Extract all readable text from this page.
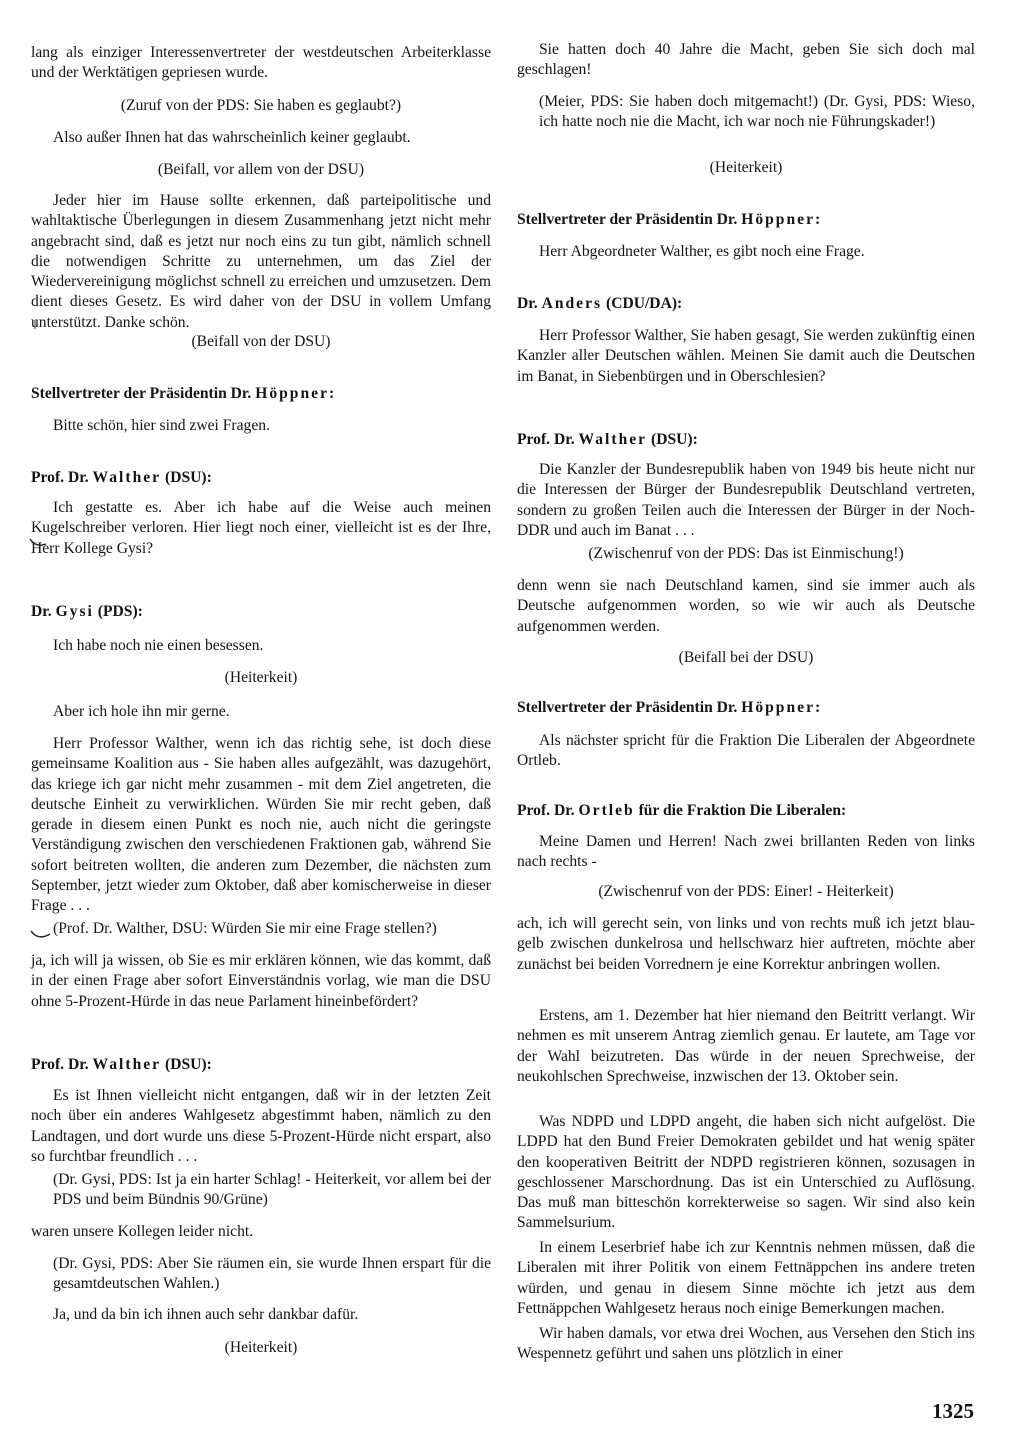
lang als einziger Interessenvertreter der westdeutschen Arbeiterklasse und der Werktätigen gepriesen wurde.

(Zuruf von der PDS: Sie haben es geglaubt?)

Also außer Ihnen hat das wahrscheinlich keiner geglaubt.

(Beifall, vor allem von der DSU)

Jeder hier im Hause sollte erkennen, daß parteipolitische und wahltaktische Überlegungen in diesem Zusammenhang jetzt nicht mehr angebracht sind, daß es jetzt nur noch eins zu tun gibt, nämlich schnell die notwendigen Schritte zu unternehmen, um das Ziel der Wiedervereinigung möglichst schnell zu erreichen und umzusetzen. Dem dient dieses Gesetz. Es wird daher von der DSU in vollem Umfang unterstützt. Danke schön.

(Beifall von der DSU)

Stellvertreter der Präsidentin Dr. Höppner:

Bitte schön, hier sind zwei Fragen.

Prof. Dr. Walther (DSU):

Ich gestatte es. Aber ich habe auf die Weise auch meinen Kugelschreiber verloren. Hier liegt noch einer, vielleicht ist es der Ihre, Herr Kollege Gysi?

Dr. Gysi (PDS):

Ich habe noch nie einen besessen.

(Heiterkeit)

Aber ich hole ihn mir gerne.

Herr Professor Walther, wenn ich das richtig sehe, ist doch diese gemeinsame Koalition aus - Sie haben alles aufgezählt, was dazugehört, das kriege ich gar nicht mehr zusammen - mit dem Ziel angetreten, die deutsche Einheit zu verwirklichen. Würden Sie mir recht geben, daß gerade in diesem einen Punkt es noch nie, auch nicht die geringste Verständigung zwischen den verschiedenen Fraktionen gab, während Sie sofort beitreten wollten, die anderen zum Dezember, die nächsten zum September, jetzt wieder zum Oktober, daß aber komischerweise in dieser Frage . . .

(Prof. Dr. Walther, DSU: Würden Sie mir eine Frage stellen?)

ja, ich will ja wissen, ob Sie es mir erklären können, wie das kommt, daß in der einen Frage aber sofort Einverständnis vorlag, wie man die DSU ohne 5-Prozent-Hürde in das neue Parlament hineinbefördert?

Prof. Dr. Walther (DSU):

Es ist Ihnen vielleicht nicht entgangen, daß wir in der letzten Zeit noch über ein anderes Wahlgesetz abgestimmt haben, nämlich zu den Landtagen, und dort wurde uns diese 5-Prozent-Hürde nicht erspart, also so furchtbar freundlich . . .

(Dr. Gysi, PDS: Ist ja ein harter Schlag! - Heiterkeit, vor allem bei der PDS und beim Bündnis 90/Grüne)

waren unsere Kollegen leider nicht.

(Dr. Gysi, PDS: Aber Sie räumen ein, sie wurde Ihnen erspart für die gesamtdeutschen Wahlen.)

Ja, und da bin ich ihnen auch sehr dankbar dafür.

(Heiterkeit)

Sie hatten doch 40 Jahre die Macht, geben Sie sich doch mal geschlagen!

(Meier, PDS: Sie haben doch mitgemacht!) (Dr. Gysi, PDS: Wieso, ich hatte noch nie die Macht, ich war noch nie Führungskader!)

(Heiterkeit)

Stellvertreter der Präsidentin Dr. Höppner:

Herr Abgeordneter Walther, es gibt noch eine Frage.

Dr. Anders (CDU/DA):

Herr Professor Walther, Sie haben gesagt, Sie werden zukünftig einen Kanzler aller Deutschen wählen. Meinen Sie damit auch die Deutschen im Banat, in Siebenbürgen und in Oberschlesien?

Prof. Dr. Walther (DSU):

Die Kanzler der Bundesrepublik haben von 1949 bis heute nicht nur die Interessen der Bürger der Bundesrepublik Deutschland vertreten, sondern zu großen Teilen auch die Interessen der Bürger in der Noch-DDR und auch im Banat . . .

(Zwischenruf von der PDS: Das ist Einmischung!)

denn wenn sie nach Deutschland kamen, sind sie immer auch als Deutsche aufgenommen worden, so wie wir auch als Deutsche aufgenommen werden.

(Beifall bei der DSU)

Stellvertreter der Präsidentin Dr. Höppner:

Als nächster spricht für die Fraktion Die Liberalen der Abgeordnete Ortleb.

Prof. Dr. Ortleb für die Fraktion Die Liberalen:

Meine Damen und Herren! Nach zwei brillanten Reden von links nach rechts -

(Zwischenruf von der PDS: Einer! - Heiterkeit)

ach, ich will gerecht sein, von links und von rechts muß ich jetzt blau-gelb zwischen dunkelrosa und hellschwarz hier auftreten, möchte aber zunächst bei beiden Vorrednern je eine Korrektur anbringen wollen.

Erstens, am 1. Dezember hat hier niemand den Beitritt verlangt. Wir nehmen es mit unserem Antrag ziemlich genau. Er lautete, am Tage vor der Wahl beizutreten. Das würde in der neuen Sprechweise, der neukohlschen Sprechweise, inzwischen der 13. Oktober sein.

Was NDPD und LDPD angeht, die haben sich nicht aufgelöst. Die LDPD hat den Bund Freier Demokraten gebildet und hat wenig später den kooperativen Beitritt der NDPD registrieren können, sozusagen in geschlossener Marschordnung. Das ist ein Unterschied zu Auflösung. Das muß man bitteschön korrekterweise so sagen. Wir sind also kein Sammelsurium.

In einem Leserbrief habe ich zur Kenntnis nehmen müssen, daß die Liberalen mit ihrer Politik von einem Fettnäppchen ins andere treten würden, und genau in diesem Sinne möchte ich jetzt aus dem Fettnäppchen Wahlgesetz heraus noch einige Bemerkungen machen.

Wir haben damals, vor etwa drei Wochen, aus Versehen den Stich ins Wespennetz geführt und sahen uns plötzlich in einer

1325
